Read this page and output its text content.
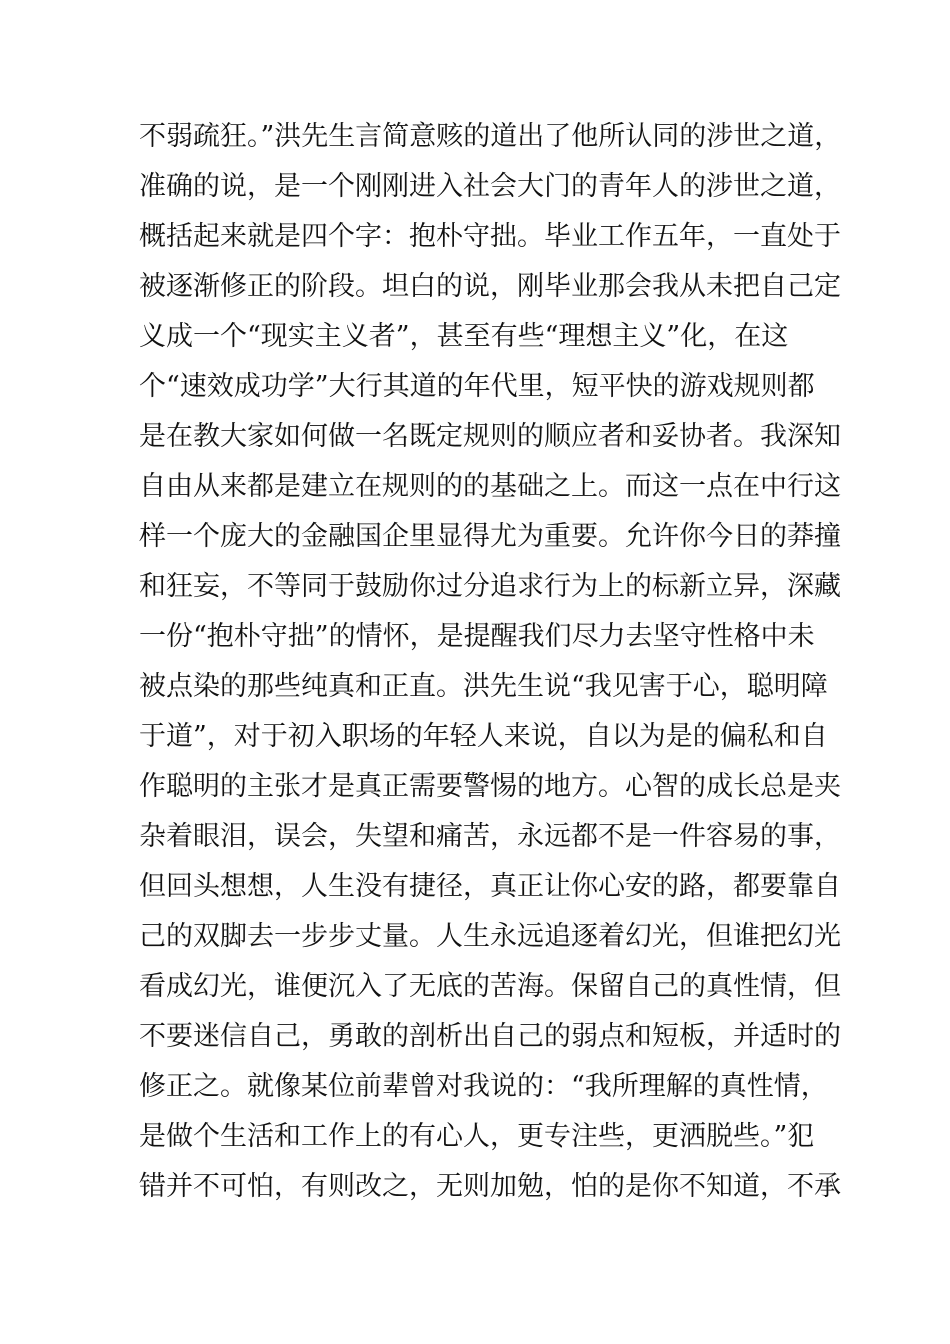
不弱疏狂。”洪先生言简意赅的道出了他所认同的涉世之道，
准确的说，是一个刚刚进入社会大门的青年人的涉世之道，
概括起来就是四个字：抱朴守拙。毕业工作五年，一直处于
被逐渐修正的阶段。坦白的说，刚毕业那会我从未把自己定
义成一个“现实主义者”，甚至有些“理想主义”化，在这
个“速效成功学”大行其道的年代里，短平快的游戏规则都
是在教大家如何做一名既定规则的顺应者和妥协者。我深知
自由从来都是建立在规则的的基础之上。而这一点在中行这
样一个庞大的金融国企里显得尤为重要。允许你今日的莽撞
和狂妄，不等同于鼓励你过分追求行为上的标新立异，深藏
一份“抱朴守拙”的情怀，是提醒我们尽力去坚守性格中未
被点染的那些纯真和正直。洪先生说“我见害于心，聪明障
于道”，对于初入职场的年轻人来说，自以为是的偏私和自
作聪明的主张才是真正需要警惕的地方。心智的成长总是夹
杂着眼泪，误会，失望和痛苦，永远都不是一件容易的事，
但回头想想，人生没有捷径，真正让你心安的路，都要靠自
己的双脚去一步步丈量。人生永远追逐着幻光，但谁把幻光
看成幻光，谁便沉入了无底的苦海。保留自己的真性情，但
不要迷信自己，勇敢的剖析出自己的弱点和短板，并适时的
修正之。就像某位前辈曾对我说的：“我所理解的真性情，
是做个生活和工作上的有心人，更专注些，更洒脱些。”犯
错并不可怕，有则改之，无则加勉，怕的是你不知道，不承
